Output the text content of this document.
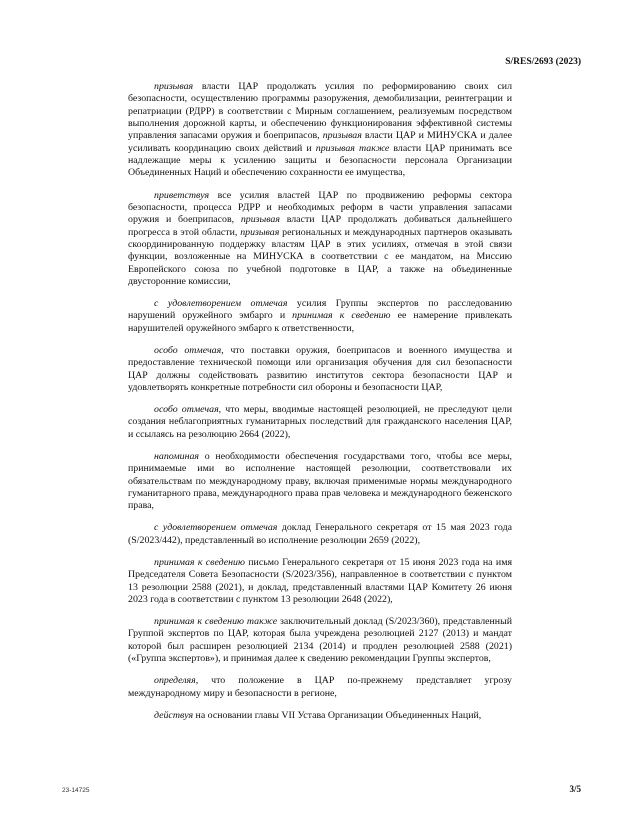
S/RES/2693 (2023)

призывая власти ЦАР продолжать усилия по реформированию своих сил безопасности, осуществлению программы разоружения, демобилизации, реинтеграции и репатриации (РДРР) в соответствии с Мирным соглашением, реализуемым посредством выполнения дорожной карты, и обеспечению функционирования эффективной системы управления запасами оружия и боеприпасов, призывая власти ЦАР и МИНУСКА и далее усиливать координацию своих действий и призывая также власти ЦАР принимать все надлежащие меры к усилению защиты и безопасности персонала Организации Объединенных Наций и обеспечению сохранности ее имущества,

приветствуя все усилия властей ЦАР по продвижению реформы сектора безопасности, процесса РДРР и необходимых реформ в части управления запасами оружия и боеприпасов, призывая власти ЦАР продолжать добиваться дальнейшего прогресса в этой области, призывая региональных и международных партнеров оказывать скоординированную поддержку властям ЦАР в этих усилиях, отмечая в этой связи функции, возложенные на МИНУСКА в соответствии с ее мандатом, на Миссию Европейского союза по учебной подготовке в ЦАР, а также на объединенные двусторонние комиссии,

с удовлетворением отмечая усилия Группы экспертов по расследованию нарушений оружейного эмбарго и принимая к сведению ее намерение привлекать нарушителей оружейного эмбарго к ответственности,

особо отмечая, что поставки оружия, боеприпасов и военного имущества и предоставление технической помощи или организация обучения для сил безопасности ЦАР должны содействовать развитию институтов сектора безопасности ЦАР и удовлетворять конкретные потребности сил обороны и безопасности ЦАР,

особо отмечая, что меры, вводимые настоящей резолюцией, не преследуют цели создания неблагоприятных гуманитарных последствий для гражданского населения ЦАР, и ссылаясь на резолюцию 2664 (2022),

напоминая о необходимости обеспечения государствами того, чтобы все меры, принимаемые ими во исполнение настоящей резолюции, соответствовали их обязательствам по международному праву, включая применимые нормы международного гуманитарного права, международного права прав человека и международного беженского права,

с удовлетворением отмечая доклад Генерального секретаря от 15 мая 2023 года (S/2023/442), представленный во исполнение резолюции 2659 (2022),

принимая к сведению письмо Генерального секретаря от 15 июня 2023 года на имя Председателя Совета Безопасности (S/2023/356), направленное в соответствии с пунктом 13 резолюции 2588 (2021), и доклад, представленный властями ЦАР Комитету 26 июня 2023 года в соответствии с пунктом 13 резолюции 2648 (2022),

принимая к сведению также заключительный доклад (S/2023/360), представленный Группой экспертов по ЦАР, которая была учреждена резолюцией 2127 (2013) и мандат которой был расширен резолюцией 2134 (2014) и продлен резолюцией 2588 (2021) («Группа экспертов»), и принимая далее к сведению рекомендации Группы экспертов,

определяя, что положение в ЦАР по-прежнему представляет угрозу международному миру и безопасности в регионе,

действуя на основании главы VII Устава Организации Объединенных Наций,

23-14725	3/5
